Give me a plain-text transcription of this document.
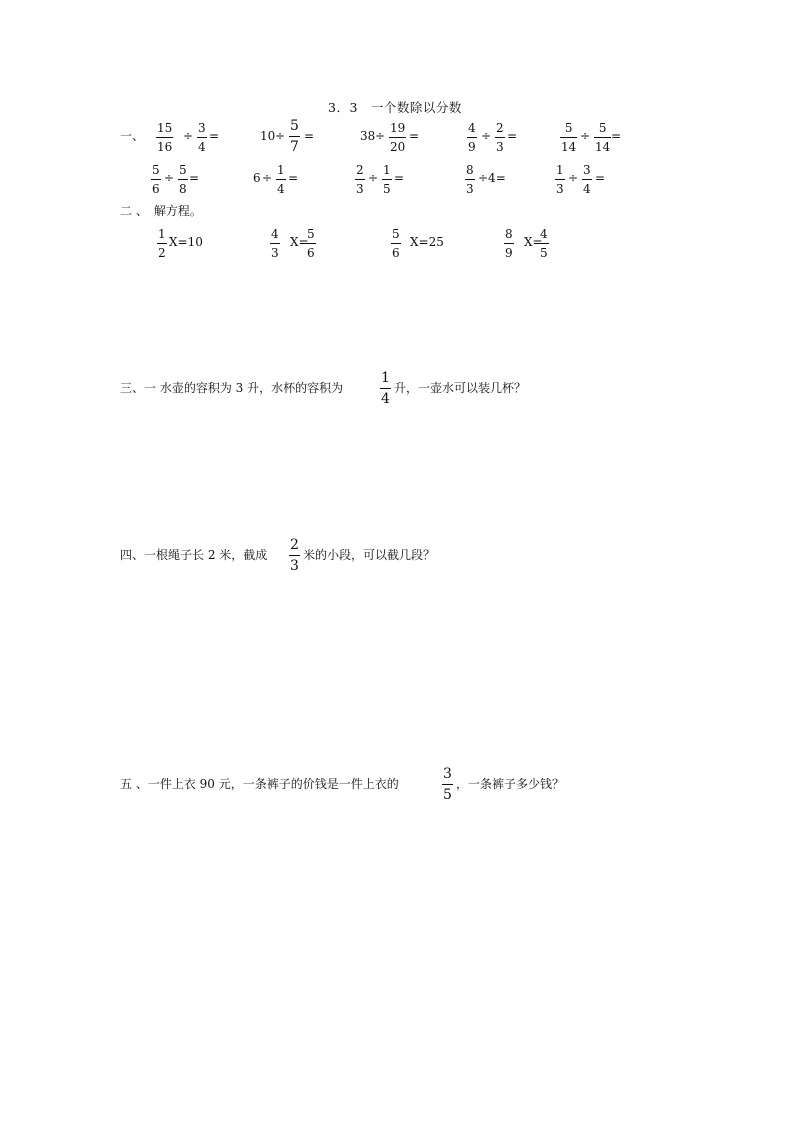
3．3　一个数除以分数
一、
15
16
÷
3
4
=	10 ÷
5
7
=	38 ÷
19
20
=
4
9
÷
2
3
=
5
14
÷
5
14
=
5
6
÷
5
8
=	6 ÷
1
4
=
2
3
÷
1
5
=
8
3
÷4=
1
3
÷
3
4
=
二 、　解方程。
1
2
X=10
4
3
X=
5
6
5
6
X=25
8
9
X=
4
5
三、一 水壶的容积为 3 升，水杯的容积为
1
4
升，一壶水可以装几杯？
四、一根绳子长 2 米，截成
2
3
米的小段，可以截几段？
五 、一件上衣 90 元，一条裤子的价钱是一件上衣的
3
5
，一条裤子多少钱？
